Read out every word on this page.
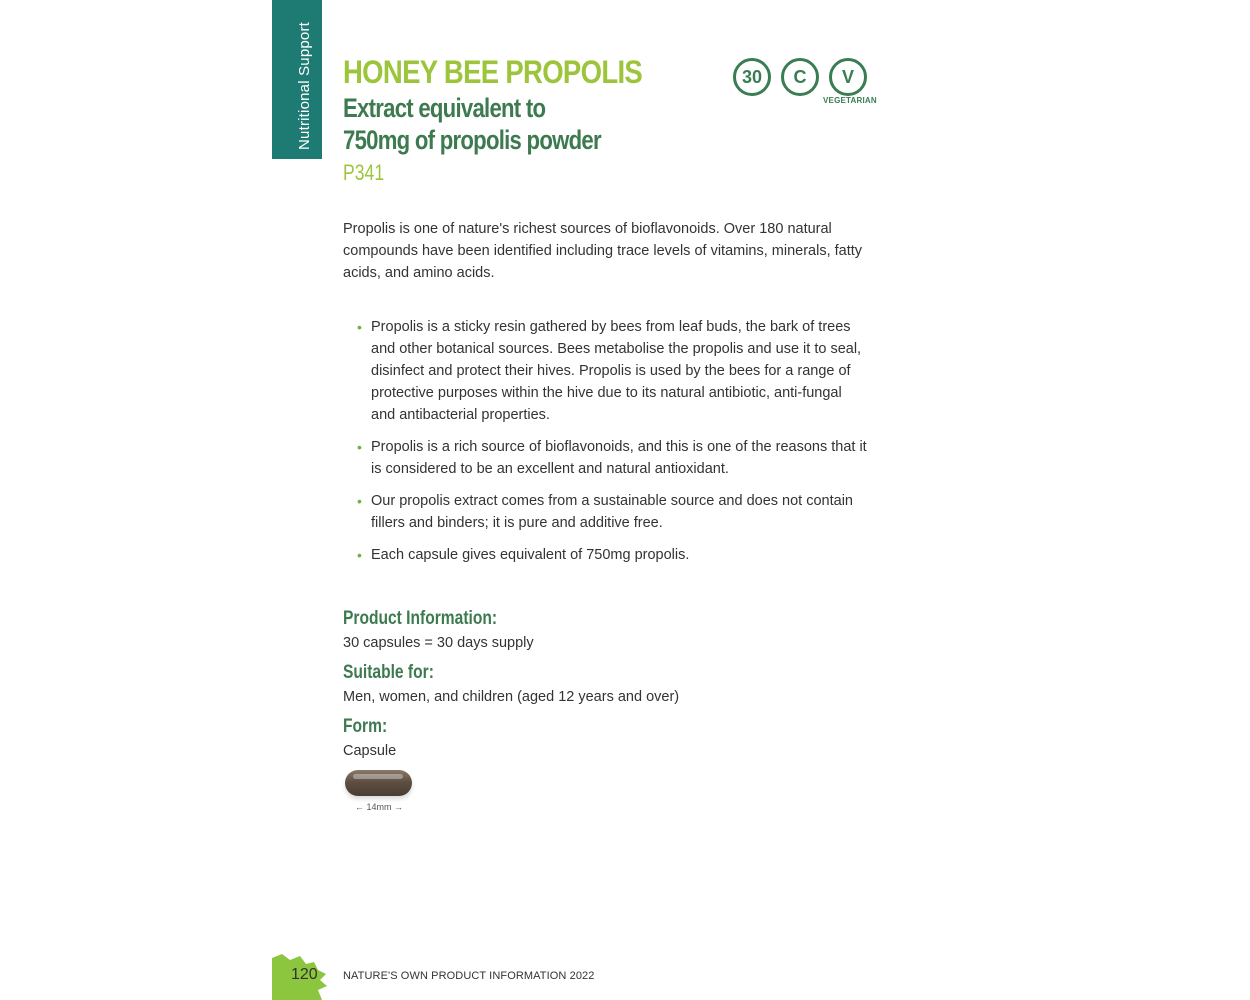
Nutritional Support HONEY BEE PROPOLIS
Extract equivalent to
750mg of propolis powder
P341
30 C V
VEGETARIAN

Propolis is one of nature's richest sources of bioflavonoids. Over 180 natural compounds have been identified including trace levels of vitamins, minerals, fatty acids, and amino acids.

• Propolis is a sticky resin gathered by bees from leaf buds, the bark of trees and other botanical sources. Bees metabolise the propolis and use it to seal, disinfect and protect their hives. Propolis is used by the bees for a range of protective purposes within the hive due to its natural antibiotic, anti-fungal and antibacterial properties.
• Propolis is a rich source of bioflavonoids, and this is one of the reasons that it is considered to be an excellent and natural antioxidant.
• Our propolis extract comes from a sustainable source and does not contain fillers and binders; it is pure and additive free.
• Each capsule gives equivalent of 750mg propolis.
Product Information:
30 capsules = 30 days supply
Suitable for:
Men, women, and children (aged 12 years and over)
Form:
Capsule
← 14mm →
120 NATURE'S OWN PRODUCT INFORMATION 2022
